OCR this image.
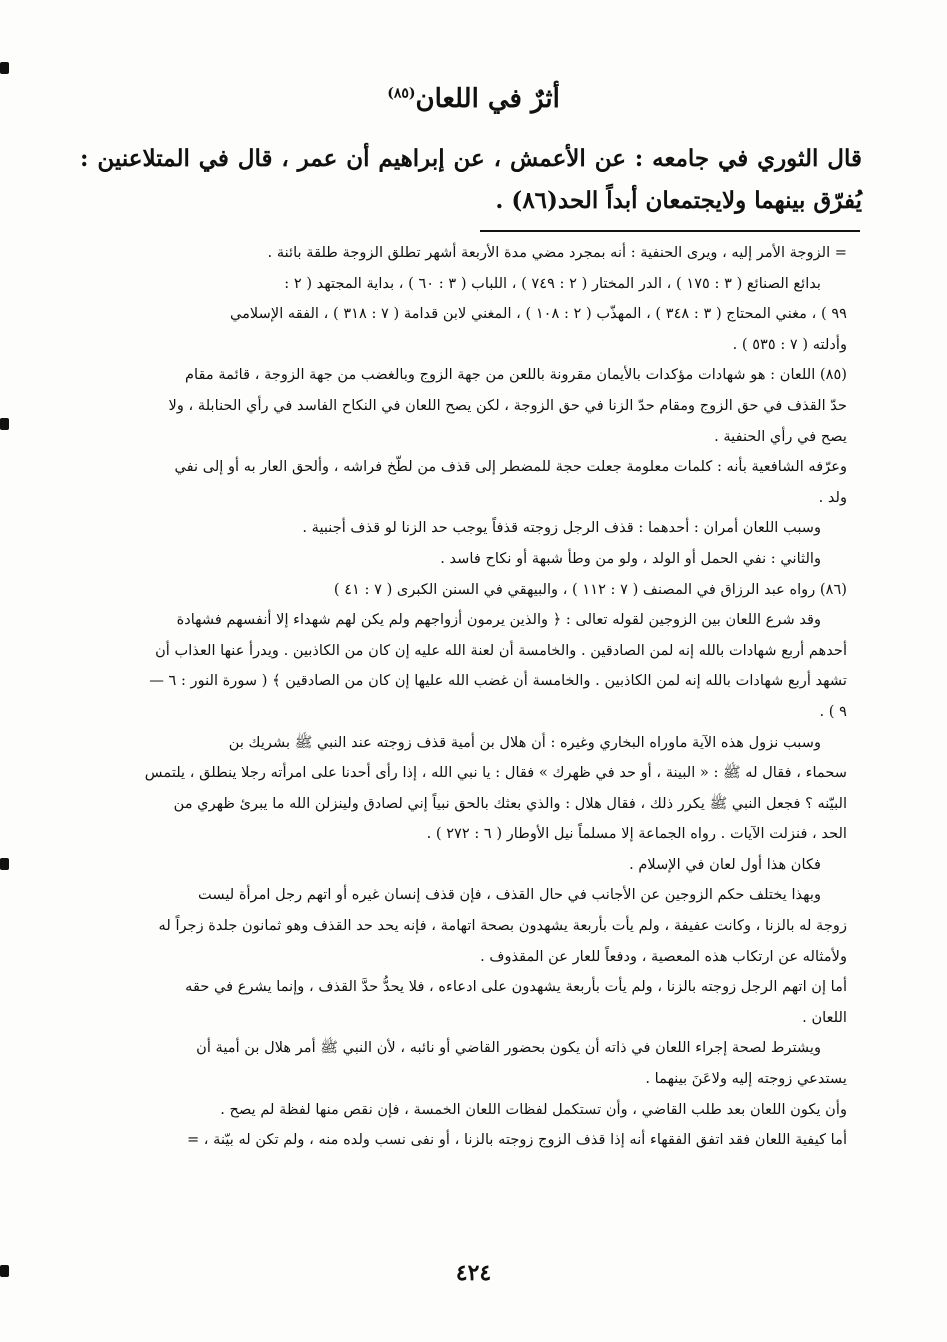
أثرٌ في اللعان$^{(٨٥)}$
قال الثوري في جامعه : عن الأعمش ، عن إبراهيم أن عمر ، قال في المتلاعنين : يُفرّق بينهما ولايجتمعان أبداً الحد(٨٦) .

= الزوجة الأمر إليه ، ويرى الحنفية : أنه بمجرد مضي مدة الأربعة أشهر تطلق الزوجة طلقة بائنة .

بدائع الصنائع ( ٣ : ١٧٥ ) ، الدر المختار ( ٢ : ٧٤٩ ) ، اللباب ( ٣ : ٦٠ ) ، بداية المجتهد ( ٢ :

٩٩ ) ، مغني المحتاج ( ٣ : ٣٤٨ ) ، المهذّب ( ٢ : ١٠٨ ) ، المغني لابن قدامة ( ٧ : ٣١٨ ) ، الفقه الإسلامي

وأدلته ( ٧ : ٥٣٥ ) .

(٨٥) اللعان : هو شهادات مؤكدات بالأيمان مقرونة باللعن من جهة الزوج وبالغضب من جهة الزوجة ، قائمة مقام

حدّ القذف في حق الزوج ومقام حدّ الزنا في حق الزوجة ، لكن يصح اللعان في النكاح الفاسد في رأي الحنابلة ، ولا

يصح في رأي الحنفية .

وعرّفه الشافعية بأنه : كلمات معلومة جعلت حجة للمضطر إلى قذف من لطّخ فراشه ، وألحق العار به أو إلى نفي

ولد .

وسبب اللعان أمران : أحدهما : قذف الرجل زوجته قذفاً يوجب حد الزنا لو قذف أجنبية .

والثاني : نفي الحمل أو الولد ، ولو من وطأ شبهة أو نكاح فاسد .

(٨٦) رواه عبد الرزاق في المصنف ( ٧ : ١١٢ ) ، والبيهقي في السنن الكبرى ( ٧ : ٤١ )

وقد شرع اللعان بين الزوجين لقوله تعالى : ﴿ والذين يرمون أزواجهم ولم يكن لهم شهداء إلا أنفسهم فشهادة

أحدهم أربع شهادات بالله إنه لمن الصادقين . والخامسة أن لعنة الله عليه إن كان من الكاذبين . ويدرأ عنها العذاب أن

تشهد أربع شهادات بالله إنه لمن الكاذبين . والخامسة أن غضب الله عليها إن كان من الصادقين ﴾ ( سورة النور : ٦ —

٩ ) .

وسبب نزول هذه الآية ماوراه البخاري وغيره : أن هلال بن أمية قذف زوجته عند النبي ﷺ بشريك بن

سحماء ، فقال له ﷺ : « البينة ، أو حد في ظهرك » فقال : يا نبي الله ، إذا رأى أحدنا على امرأته رجلا ينطلق ، يلتمس

البيّنه ؟ فجعل النبي ﷺ يكرر ذلك ، فقال هلال : والذي بعثك بالحق نبياً إني لصادق ولينزلن الله ما يبرئ ظهري من

الحد ، فنزلت الآيات . رواه الجماعة إلا مسلماً نيل الأوطار ( ٦ : ٢٧٢ ) .

فكان هذا أول لعان في الإسلام .

وبهذا يختلف حكم الزوجين عن الأجانب في حال القذف ، فإن قذف إنسان غيره أو اتهم رجل امرأة ليست

زوجة له بالزنا ، وكانت عفيفة ، ولم يأت بأربعة يشهدون بصحة اتهامة ، فإنه يحد حد القذف وهو ثمانون جلدة زجراً له

ولأمثاله عن ارتكاب هذه المعصية ، ودفعاً للعار عن المقذوف .

أما إن اتهم الرجل زوجته بالزنا ، ولم يأت بأربعة يشهدون على ادعاءه ، فلا يحدُّ حدَّ القذف ، وإنما يشرع في حقه

اللعان .

ويشترط لصحة إجراء اللعان في ذاته أن يكون بحضور القاضي أو نائبه ، لأن النبي ﷺ أمر هلال بن أمية أن

يستدعي زوجته إليه ولاعَنَ بينهما .

وأن يكون اللعان بعد طلب القاضي ، وأن تستكمل لفظات اللعان الخمسة ، فإن نقص منها لفظة لم يصح .

أما كيفية اللعان فقد اتفق الفقهاء أنه إذا قذف الزوج زوجته بالزنا ، أو نفى نسب ولده منه ، ولم تكن له بيّنة ، =

٤٢٤
